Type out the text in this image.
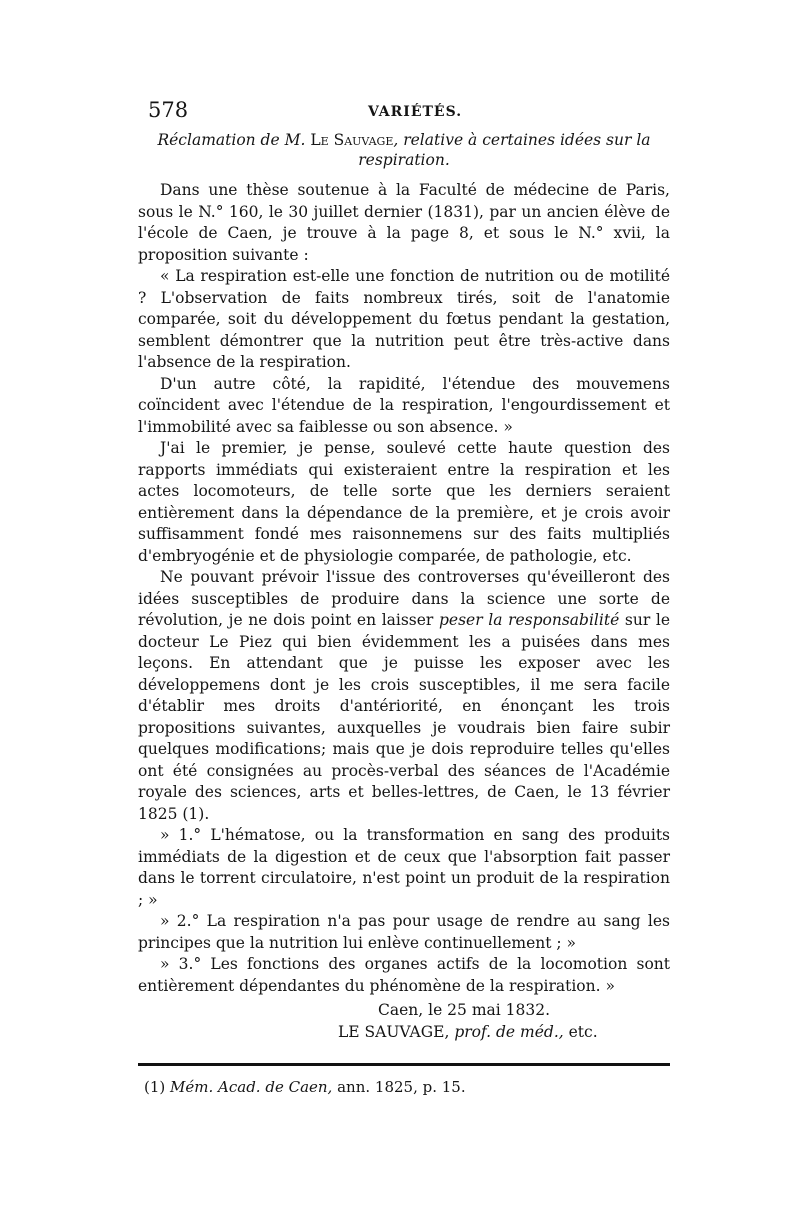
578	VARIÉTÉS.
Réclamation de M. Le Sauvage, relative à certaines idées sur la respiration.

Dans une thèse soutenue à la Faculté de médecine de Paris, sous le N.° 160, le 30 juillet dernier (1831), par un ancien élève de l'école de Caen, je trouve à la page 8, et sous le N.° xvii, la proposition suivante :

« La respiration est-elle une fonction de nutrition ou de motilité ? L'observation de faits nombreux tirés, soit de l'anatomie comparée, soit du développement du fœtus pendant la gestation, semblent démontrer que la nutrition peut être très-active dans l'absence de la respiration.

D'un autre côté, la rapidité, l'étendue des mouvemens coïncident avec l'étendue de la respiration, l'engourdissement et l'immobilité avec sa faiblesse ou son absence. »

J'ai le premier, je pense, soulevé cette haute question des rapports immédiats qui existeraient entre la respiration et les actes locomoteurs, de telle sorte que les derniers seraient entièrement dans la dépendance de la première, et je crois avoir suffisamment fondé mes raisonnemens sur des faits multipliés d'embryogénie et de physiologie comparée, de pathologie, etc.

Ne pouvant prévoir l'issue des controverses qu'éveilleront des idées susceptibles de produire dans la science une sorte de révolution, je ne dois point en laisser peser la responsabilité sur le docteur Le Piez qui bien évidemment les a puisées dans mes leçons. En attendant que je puisse les exposer avec les développemens dont je les crois susceptibles, il me sera facile d'établir mes droits d'antériorité, en énonçant les trois propositions suivantes, auxquelles je voudrais bien faire subir quelques modifications; mais que je dois reproduire telles qu'elles ont été consignées au procès-verbal des séances de l'Académie royale des sciences, arts et belles-lettres, de Caen, le 13 février 1825 (1).

» 1.° L'hématose, ou la transformation en sang des produits immédiats de la digestion et de ceux que l'absorption fait passer dans le torrent circulatoire, n'est point un produit de la respiration ; »

» 2.° La respiration n'a pas pour usage de rendre au sang les principes que la nutrition lui enlève continuellement ; »

» 3.° Les fonctions des organes actifs de la locomotion sont entièrement dépendantes du phénomène de la respiration. »

Caen, le 25 mai 1832.

LE SAUVAGE, prof. de méd., etc.

(1) Mém. Acad. de Caen, ann. 1825, p. 15.
